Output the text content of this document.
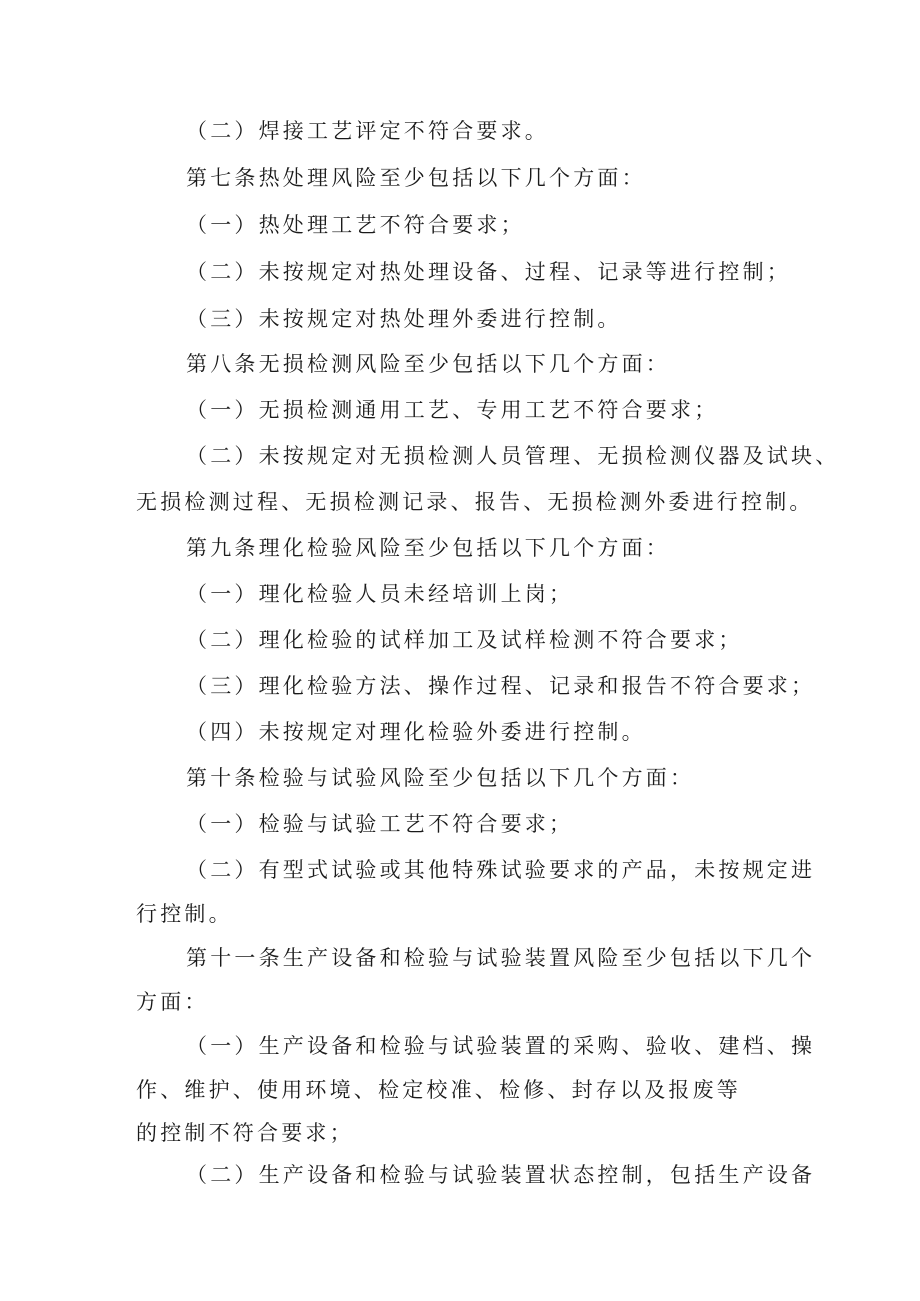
（二）焊接工艺评定不符合要求。
第七条热处理风险至少包括以下几个方面：
（一）热处理工艺不符合要求；
（二）未按规定对热处理设备、过程、记录等进行控制；
（三）未按规定对热处理外委进行控制。
第八条无损检测风险至少包括以下几个方面：
（一）无损检测通用工艺、专用工艺不符合要求；
（二）未按规定对无损检测人员管理、无损检测仪器及试块、
无损检测过程、无损检测记录、报告、无损检测外委进行控制。
第九条理化检验风险至少包括以下几个方面：
（一）理化检验人员未经培训上岗；
（二）理化检验的试样加工及试样检测不符合要求；
（三）理化检验方法、操作过程、记录和报告不符合要求；
（四）未按规定对理化检验外委进行控制。
第十条检验与试验风险至少包括以下几个方面：
（一）检验与试验工艺不符合要求；
（二）有型式试验或其他特殊试验要求的产品，未按规定进
行控制。
第十一条生产设备和检验与试验装置风险至少包括以下几个
方面：
（一）生产设备和检验与试验装置的采购、验收、建档、操
作、维护、使用环境、检定校准、检修、封存以及报废等
的控制不符合要求；
（二）生产设备和检验与试验装置状态控制，包括生产设备
